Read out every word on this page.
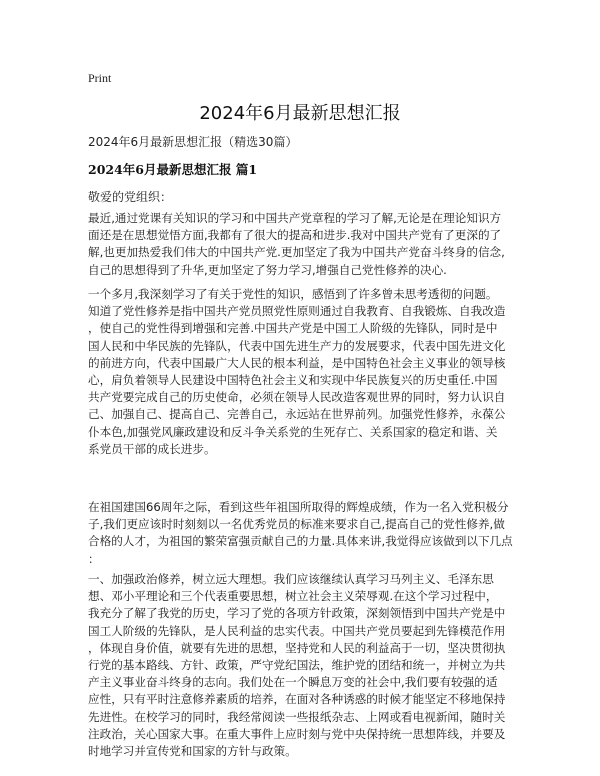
Print
2024年6月最新思想汇报
2024年6月最新思想汇报（精选30篇）
2024年6月最新思想汇报 篇1
敬爱的党组织：
最近,通过党课有关知识的学习和中国共产党章程的学习了解,无论是在理论知识方
面还是在思想觉悟方面,我都有了很大的提高和进步.我对中国共产党有了更深的了
解,也更加热爱我们伟大的中国共产党.更加坚定了我为中国共产党奋斗终身的信念,
自己的思想得到了升华,更加坚定了努力学习,增强自己党性修养的决心.
一个多月,我深刻学习了有关于党性的知识，感悟到了许多曾未思考透彻的问题。
知道了党性修养是指中国共产党员照党性原则通过自我教育、自我锻炼、自我改造
，使自己的党性得到增强和完善.中国共产党是中国工人阶级的先锋队，同时是中
国人民和中华民族的先锋队，代表中国先进生产力的发展要求，代表中国先进文化
的前进方向，代表中国最广大人民的根本利益，是中国特色社会主义事业的领导核
心，肩负着领导人民建设中国特色社会主义和实现中华民族复兴的历史重任.中国
共产党要完成自己的历史使命，必须在领导人民改造客观世界的同时，努力认识自
己、加强自己、提高自己、完善自己，永远站在世界前列。加强党性修养，永葆公
仆本色,加强党风廉政建设和反斗争关系党的生死存亡、关系国家的稳定和谐、关
系党员干部的成长进步。
在祖国建国66周年之际，看到这些年祖国所取得的辉煌成绩，作为一名入党积极分
子,我们更应该时时刻刻以一名优秀党员的标准来要求自己,提高自己的党性修养,做
合格的人才，为祖国的繁荣富强贡献自己的力量.具体来讲,我觉得应该做到以下几点
：
一、加强政治修养，树立远大理想。我们应该继续认真学习马列主义、毛泽东思
想、邓小平理论和三个代表重要思想，树立社会主义荣辱观.在这个学习过程中，
我充分了解了我党的历史，学习了党的各项方针政策，深刻领悟到中国共产党是中
国工人阶级的先锋队，是人民利益的忠实代表。中国共产党员要起到先锋模范作用
，体现自身价值，就要有先进的思想，坚持党和人民的利益高于一切，坚决贯彻执
行党的基本路线、方针、政策，严守党纪国法，维护党的团结和统一，并树立为共
产主义事业奋斗终身的志向。我们处在一个瞬息万变的社会中,我们要有较强的适
应性，只有平时注意修养素质的培养，在面对各种诱惑的时候才能坚定不移地保持
先进性。在校学习的同时，我经常阅读一些报纸杂志、上网或看电视新闻，随时关
注政治，关心国家大事。在重大事件上应时刻与党中央保持统一思想阵线，并要及
时地学习并宣传党和国家的方针与政策。
